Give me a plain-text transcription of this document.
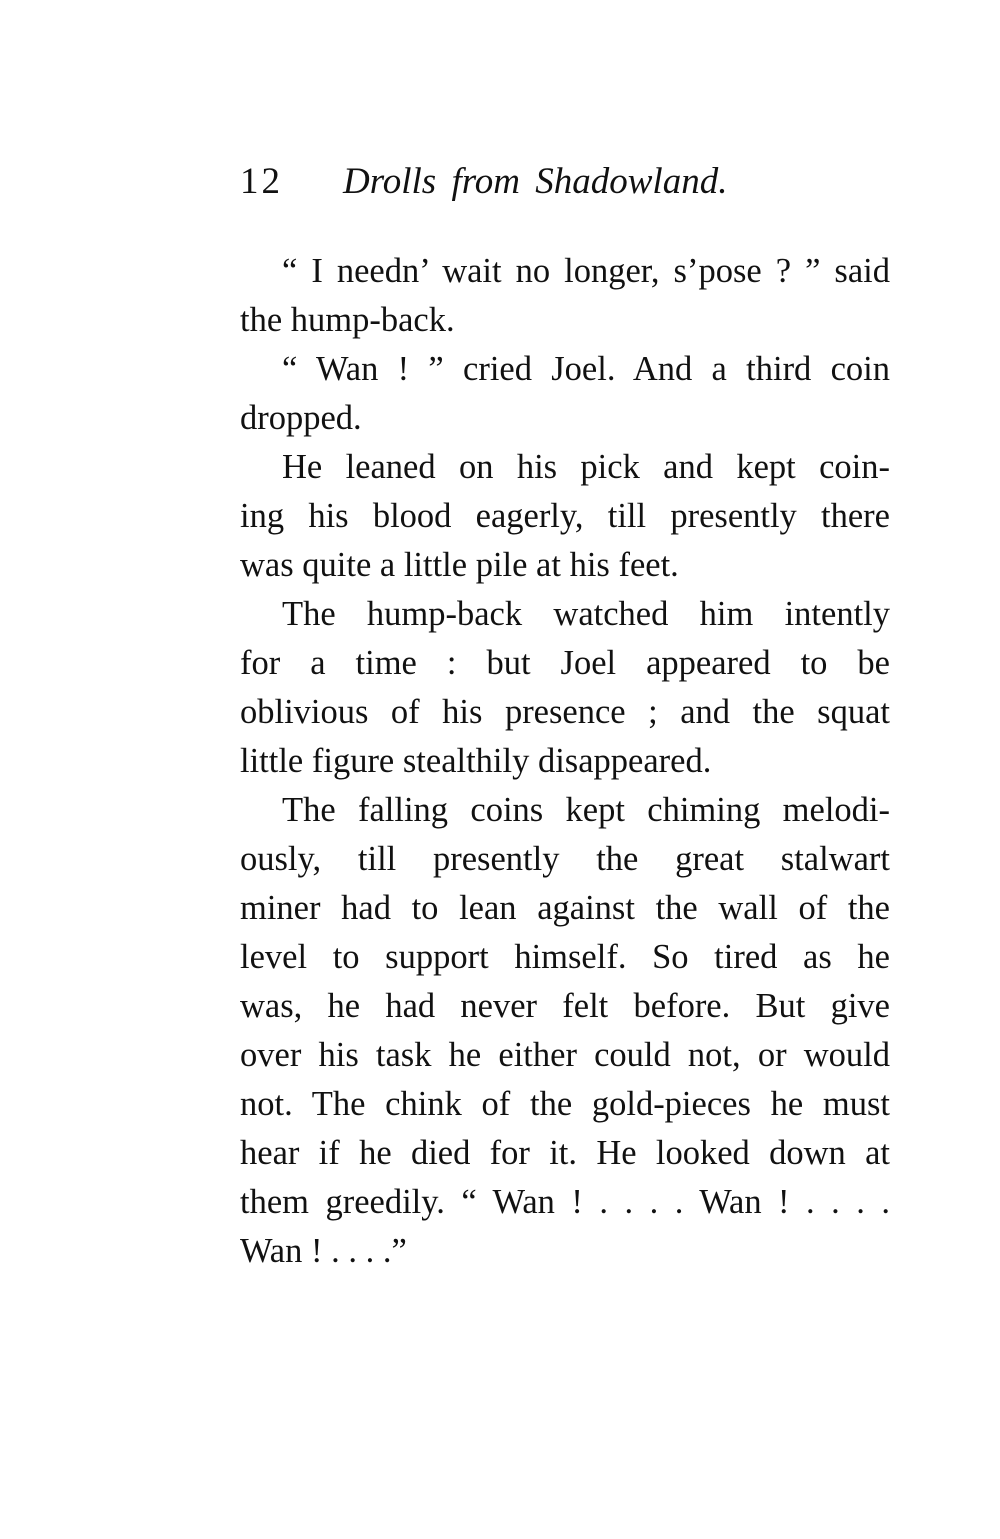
12 Drolls from Shadowland.

“ I needn’ wait no longer, s’pose ? ” said
the hump-back.

“ Wan ! ” cried Joel. And a third coin
dropped.

He leaned on his pick and kept coin-
ing his blood eagerly, till presently there
was quite a little pile at his feet.

The hump-back watched him intently
for a time : but Joel appeared to be
oblivious of his presence ; and the squat
little figure stealthily disappeared.

The falling coins kept chiming melodi-
ously, till presently the great stalwart
miner had to lean against the wall of the
level to support himself. So tired as he
was, he had never felt before. But give
over his task he either could not, or would
not. The chink of the gold-pieces he must
hear if he died for it. He looked down at
them greedily. “ Wan ! . . . . Wan ! . . . .
Wan ! . . . .”
